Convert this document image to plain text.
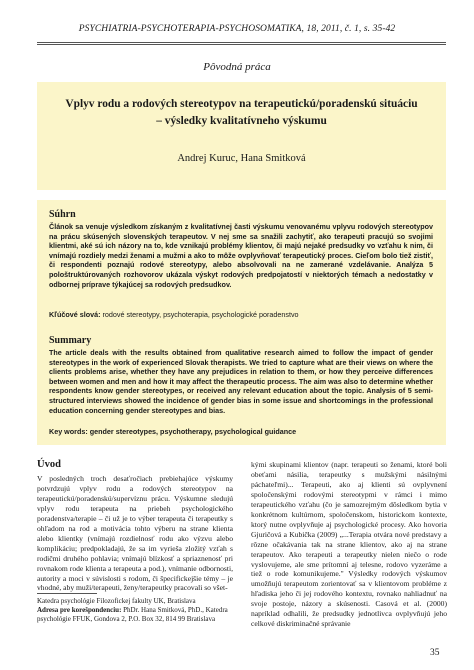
PSYCHIATRIA-PSYCHOTERAPIA-PSYCHOSOMATIKA, 18, 2011, č. 1, s. 35-42
Pôvodná práca
Vplyv rodu a rodových stereotypov na terapeutickú/poradenskú situáciu
– výsledky kvalitatívneho výskumu
Andrej Kuruc, Hana Smitková
Súhrn
Článok sa venuje výsledkom získaným z kvalitatívnej časti výskumu venovanému vplyvu rodových stereotypov na prácu skúsených slovenských terapeutov. V nej sme sa snažili zachytiť, ako terapeuti pracujú so svojimi klientmi, aké sú ich názory na to, kde vznikajú problémy klientov, či majú nejaké predsudky vo vzťahu k nim, či vnímajú rozdiely medzi ženami a mužmi a ako to môže ovplyvňovať terapeutický proces. Cieľom bolo tiež zistiť, či respondenti poznajú rodové stereotypy, alebo absolvovali na ne zamerané vzdelávanie. Analýza 5 pološtruktúrovaných rozhovorov ukázala výskyt rodových predpojatostí v niektorých témach a nedostatky v odbornej príprave týkajúcej sa rodových predsudkov.
Kľúčové slová: rodové stereotypy, psychoterapia, psychologické poradenstvo
Summary
The article deals with the results obtained from qualitative research aimed to follow the impact of gender stereotypes in the work of experienced Slovak therapists. We tried to capture what are their views on where the clients problems arise, whether they have any prejudices in relation to them, or how they perceive differences between women and men and how it may affect the therapeutic process. The aim was also to determine whether respondents know gender stereotypes, or received any relevant education about the topic. Analysis of 5 semi-structured interviews showed the incidence of gender bias in some issue and shortcomings in the professional education concerning gender stereotypes and bias.
Key words: gender stereotypes, psychotherapy, psychological guidance
Úvod
V posledných troch desaťročiach prebiehajúce výskumy potvrdzujú vplyv rodu a rodových stereotypov na terapeutickú/poradenskú/supervíznu prácu. Výskumne sledujú vplyv rodu terapeuta na priebeh psychologického poradenstva/terapie – či už je to výber terapeuta či terapeutky s ohľadom na rod a motivácia tohto výberu na strane klienta alebo klientky (vnímajú rozdielnosť rodu ako výzvu alebo komplikáciu; predpokladajú, že sa im vyrieša zložitý vzťah s rodičmi druhého pohlavia; vnímajú blízkosť a spriaznenosť pri rovnakom rode klienta a terapeuta a pod.), vnímanie odbornosti, autority a moci v súvislosti s rodom, či špecifickejšie témy – je vhodné, aby muži/terapeuti, ženy/terapeutky pracovali so všet-
kými skupinami klientov (napr. terapeuti so ženami, ktoré boli obeťami násilia, terapeutky s mužskými násilnými páchateľmi)... Terapeuti, ako aj klienti sú ovplyvnení spoločenskými rodovými stereotypmi v rámci i mimo terapeutického vzťahu (čo je samozrejmým dôsledkom bytia v konkrétnom kultúrnom, spoločenskom, historickom kontexte, ktorý nutne ovplyvňuje aj psychologické procesy. Ako hovoria Gjuričová a Kubička (2009) „...Terapia otvára nové predstavy a rôzne očakávania tak na strane klientov, ako aj na strane terapeutov. Ako terapeuti a terapeutky nielen niečo o rode vyslovujeme, ale sme prítomní aj telesne, rodovo vyzeráme a tiež o rode komunikujeme." Výsledky rodových výskumov umožňujú terapeutom zorientovať sa v klientovom probléme z hľadiska jeho či jej rodového kontextu, rovnako nahliadnuť na svoje postoje, názory a skúsenosti. Casová et al. (2000) napríklad odhalili, že predsudky jednotlivca ovplyvňujú jeho celkové diskriminačné správanie
Katedra psychológie Filozofickej fakulty UK, Bratislava
Adresa pre korešpondenciu: PhDr. Hana Smitková, PhD., Katedra psychológie FFUK, Gondova 2, P.O. Box 32, 814 99 Bratislava
35
